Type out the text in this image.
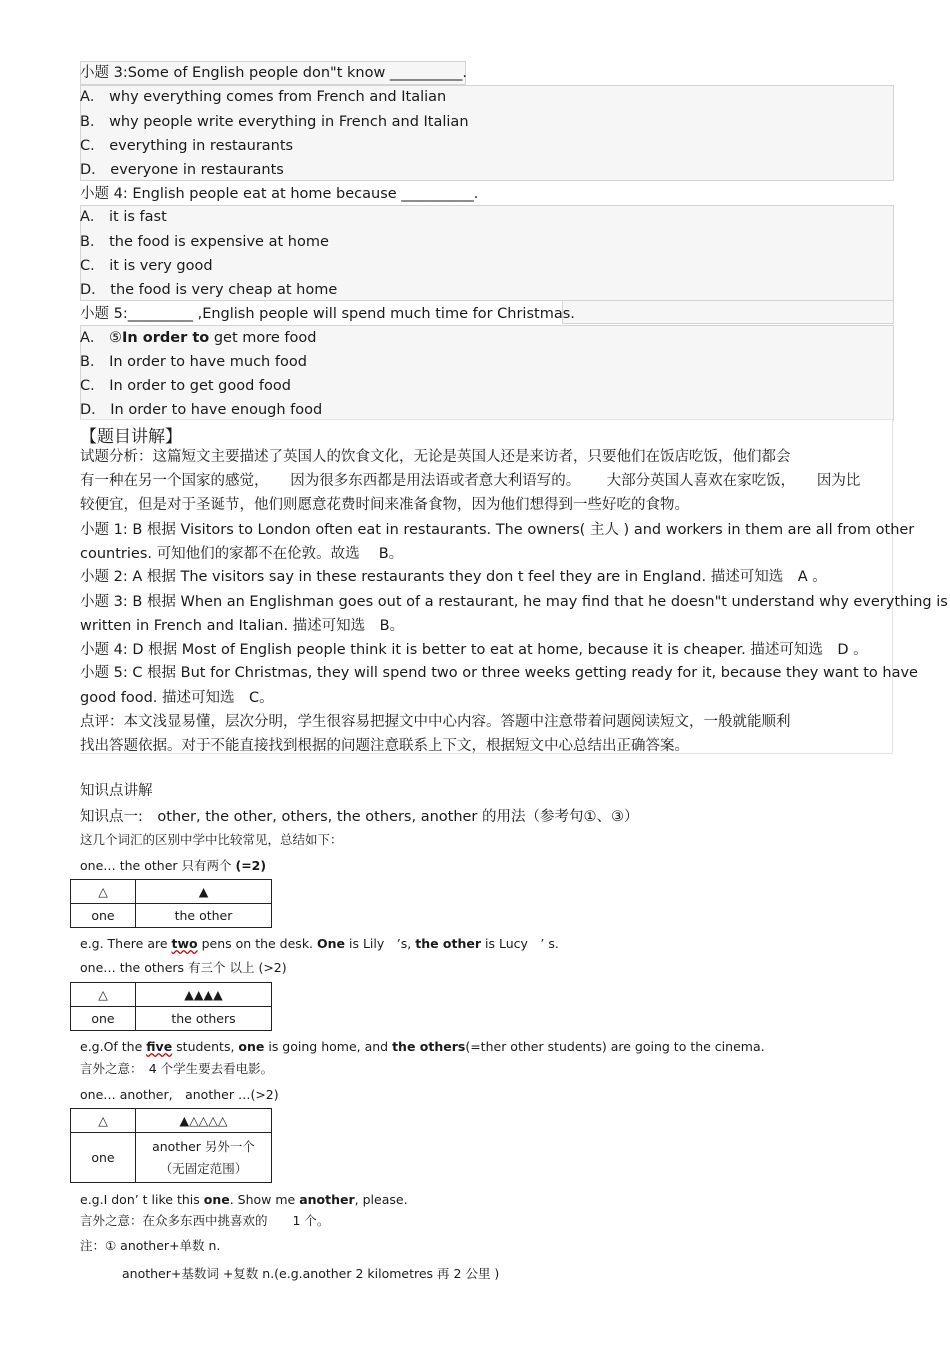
小题 3:Some of English people don"t know __________.
A． why everything comes from French and Italian
B． why people write everything in French and Italian
C． everything in restaurants
D． everyone in restaurants
小题 4: English people eat at home because __________.
A． it is fast
B． the food is expensive at home
C． it is very good
D． the food is very cheap at home
小题 5:_________ ,English people will spend much time for Christmas.
A． ⑤In order to get more food
B． In order to have much food
C． In order to get good food
D． In order to have enough food
【题目讲解】
试题分析：这篇短文主要描述了英国人的饮食文化，无论是英国人还是来访者，只要他们在饭店吃饭，他们都会
有一种在另一个国家的感觉，　　因为很多东西都是用法语或者意大利语写的。　　 大部分英国人喜欢在家吃饭，　　因为比
较便宜，但是对于圣诞节，他们则愿意花费时间来准备食物，因为他们想得到一些好吃的食物。
小题 1: B 根据 Visitors to London often eat in restaurants. The owners( 主人 ) and workers in them are all from other
countries. 可知他们的家都不在伦敦。故选　 B。
小题 2: A 根据 The visitors say in these restaurants they don t feel they are in England. 描述可知选　A 。
小题 3: B 根据 When an Englishman goes out of a restaurant, he may find that he doesn"t understand why everything is
written in French and Italian. 描述可知选　B。
小题 4: D 根据 Most of English people think it is better to eat at home, because it is cheaper. 描述可知选　D 。
小题 5: C 根据 But for Christmas, they will spend two or three weeks getting ready for it, because they want to have
good food. 描述可知选　C。
点评：本文浅显易懂，层次分明，学生很容易把握文中中心内容。答题中注意带着问题阅读短文，一般就能顺利
找出答题依据。对于不能直接找到根据的问题注意联系上下文，根据短文中心总结出正确答案。
知识点讲解
知识点一:　other, the other, others, the others, another 的用法（参考句①、③）
这几个词汇的区别中学中比较常见，总结如下：
one… the other 只有两个 (=2)
△	▲
one	the other
e.g. There are two pens on the desk. One is Lily　’s, the other is Lucy　’ s.
one… the others 有三个 以上 (>2)
△	▲▲▲▲
one	the others
e.g.Of the five students, one is going home, and the others(=ther other students) are going to the cinema.
言外之意：　4 个学生要去看电影。
one… another,　another …(>2)
△	▲△△△△
one	another 另外一个
（无固定范围）
e.g.I don’ t like this one. Show me another, please.
言外之意：在众多东西中挑喜欢的　　1 个。
注：① another+单数 n.
another+基数词 +复数 n.(e.g.another 2 kilometres 再 2 公里 )
